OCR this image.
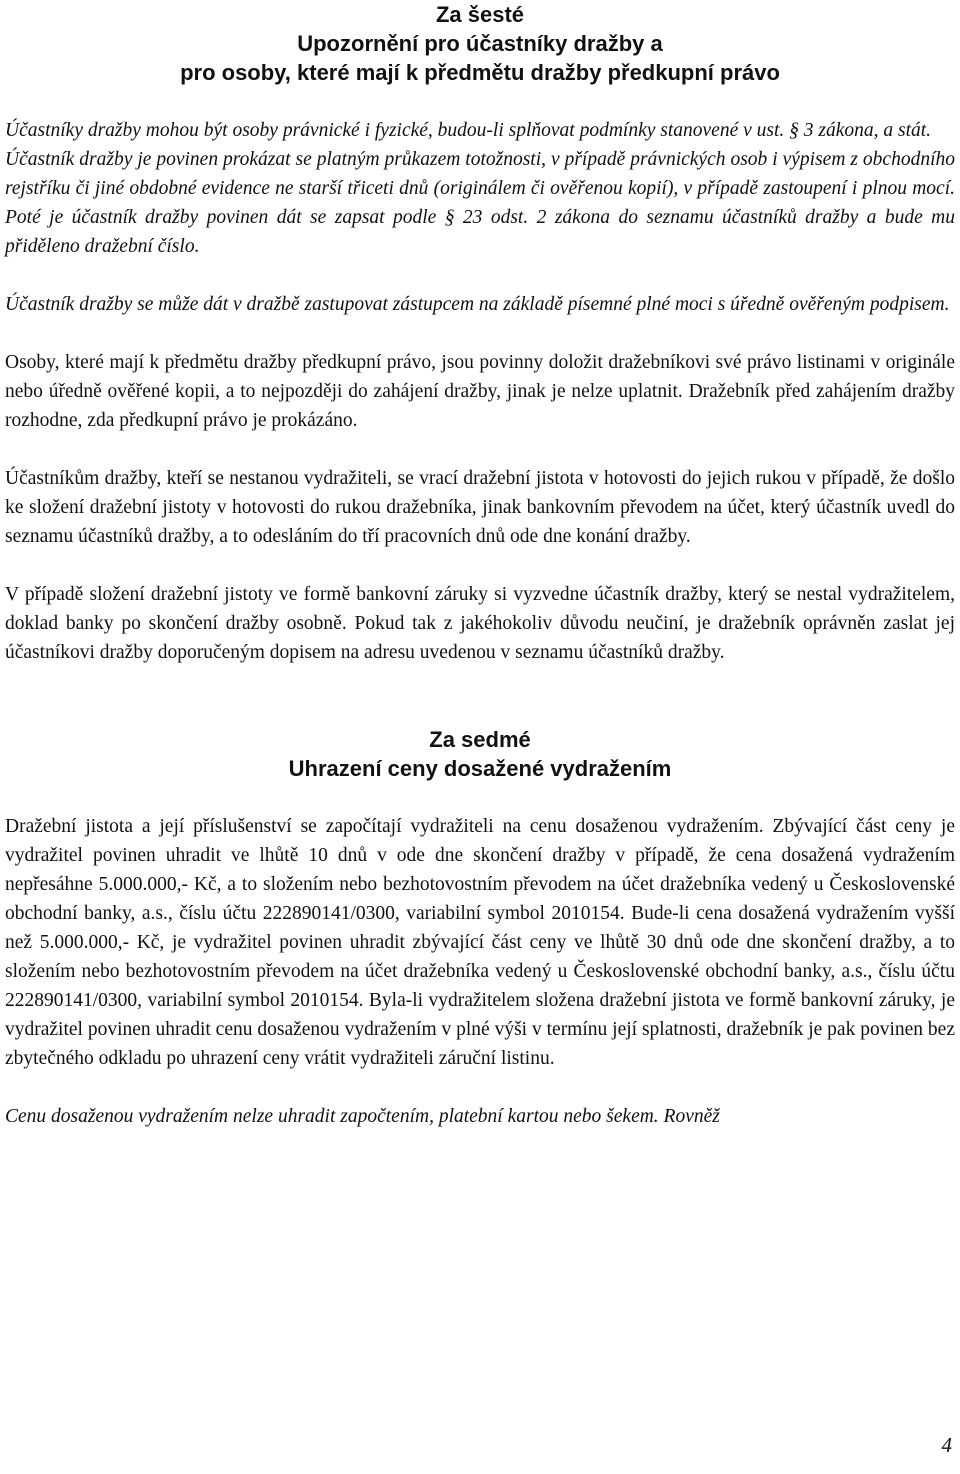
Za šesté
Upozornění pro účastníky dražby a
pro osoby, které mají k předmětu dražby předkupní právo

Účastníky dražby mohou být osoby právnické i fyzické, budou-li splňovat podmínky stanovené v ust. § 3 zákona, a stát.

Účastník dražby je povinen prokázat se platným průkazem totožnosti, v případě právnických osob i výpisem z obchodního rejstříku či jiné obdobné evidence ne starší třiceti dnů (originálem či ověřenou kopií), v případě zastoupení i plnou mocí. Poté je účastník dražby povinen dát se zapsat podle § 23 odst. 2 zákona do seznamu účastníků dražby a bude mu přiděleno dražební číslo.

Účastník dražby se může dát v dražbě zastupovat zástupcem na základě písemné plné moci s úředně ověřeným podpisem.

Osoby, které mají k předmětu dražby předkupní právo, jsou povinny doložit dražebníkovi své právo listinami v originále nebo úředně ověřené kopii, a to nejpozději do zahájení dražby, jinak je nelze uplatnit. Dražebník před zahájením dražby rozhodne, zda předkupní právo je prokázáno.

Účastníkům dražby, kteří se nestanou vydražiteli, se vrací dražební jistota v hotovosti do jejich rukou v případě, že došlo ke složení dražební jistoty v hotovosti do rukou dražebníka, jinak bankovním převodem na účet, který účastník uvedl do seznamu účastníků dražby, a to odesláním do tří pracovních dnů ode dne konání dražby.

V případě složení dražební jistoty ve formě bankovní záruky si vyzvedne účastník dražby, který se nestal vydražitelem, doklad banky po skončení dražby osobně. Pokud tak z jakéhokoliv důvodu neučiní, je dražebník oprávněn zaslat jej účastníkovi dražby doporučeným dopisem na adresu uvedenou v seznamu účastníků dražby.

Za sedmé
Uhrazení ceny dosažené vydražením

Dražební jistota a její příslušenství se započítají vydražiteli na cenu dosaženou vydražením. Zbývající část ceny je vydražitel povinen uhradit ve lhůtě 10 dnů v ode dne skončení dražby v případě, že cena dosažená vydražením nepřesáhne 5.000.000,- Kč, a to složením nebo bezhotovostním převodem na účet dražebníka vedený u Československé obchodní banky, a.s., číslu účtu 222890141/0300, variabilní symbol 2010154. Bude-li cena dosažená vydražením vyšší než 5.000.000,- Kč, je vydražitel povinen uhradit zbývající část ceny ve lhůtě 30 dnů ode dne skončení dražby, a to složením nebo bezhotovostním převodem na účet dražebníka vedený u Československé obchodní banky, a.s., číslu účtu 222890141/0300, variabilní symbol 2010154. Byla-li vydražitelem složena dražební jistota ve formě bankovní záruky, je vydražitel povinen uhradit cenu dosaženou vydražením v plné výši v termínu její splatnosti, dražebník je pak povinen bez zbytečného odkladu po uhrazení ceny vrátit vydražiteli záruční listinu.

Cenu dosaženou vydražením nelze uhradit započtením, platební kartou nebo šekem. Rovněž

4
